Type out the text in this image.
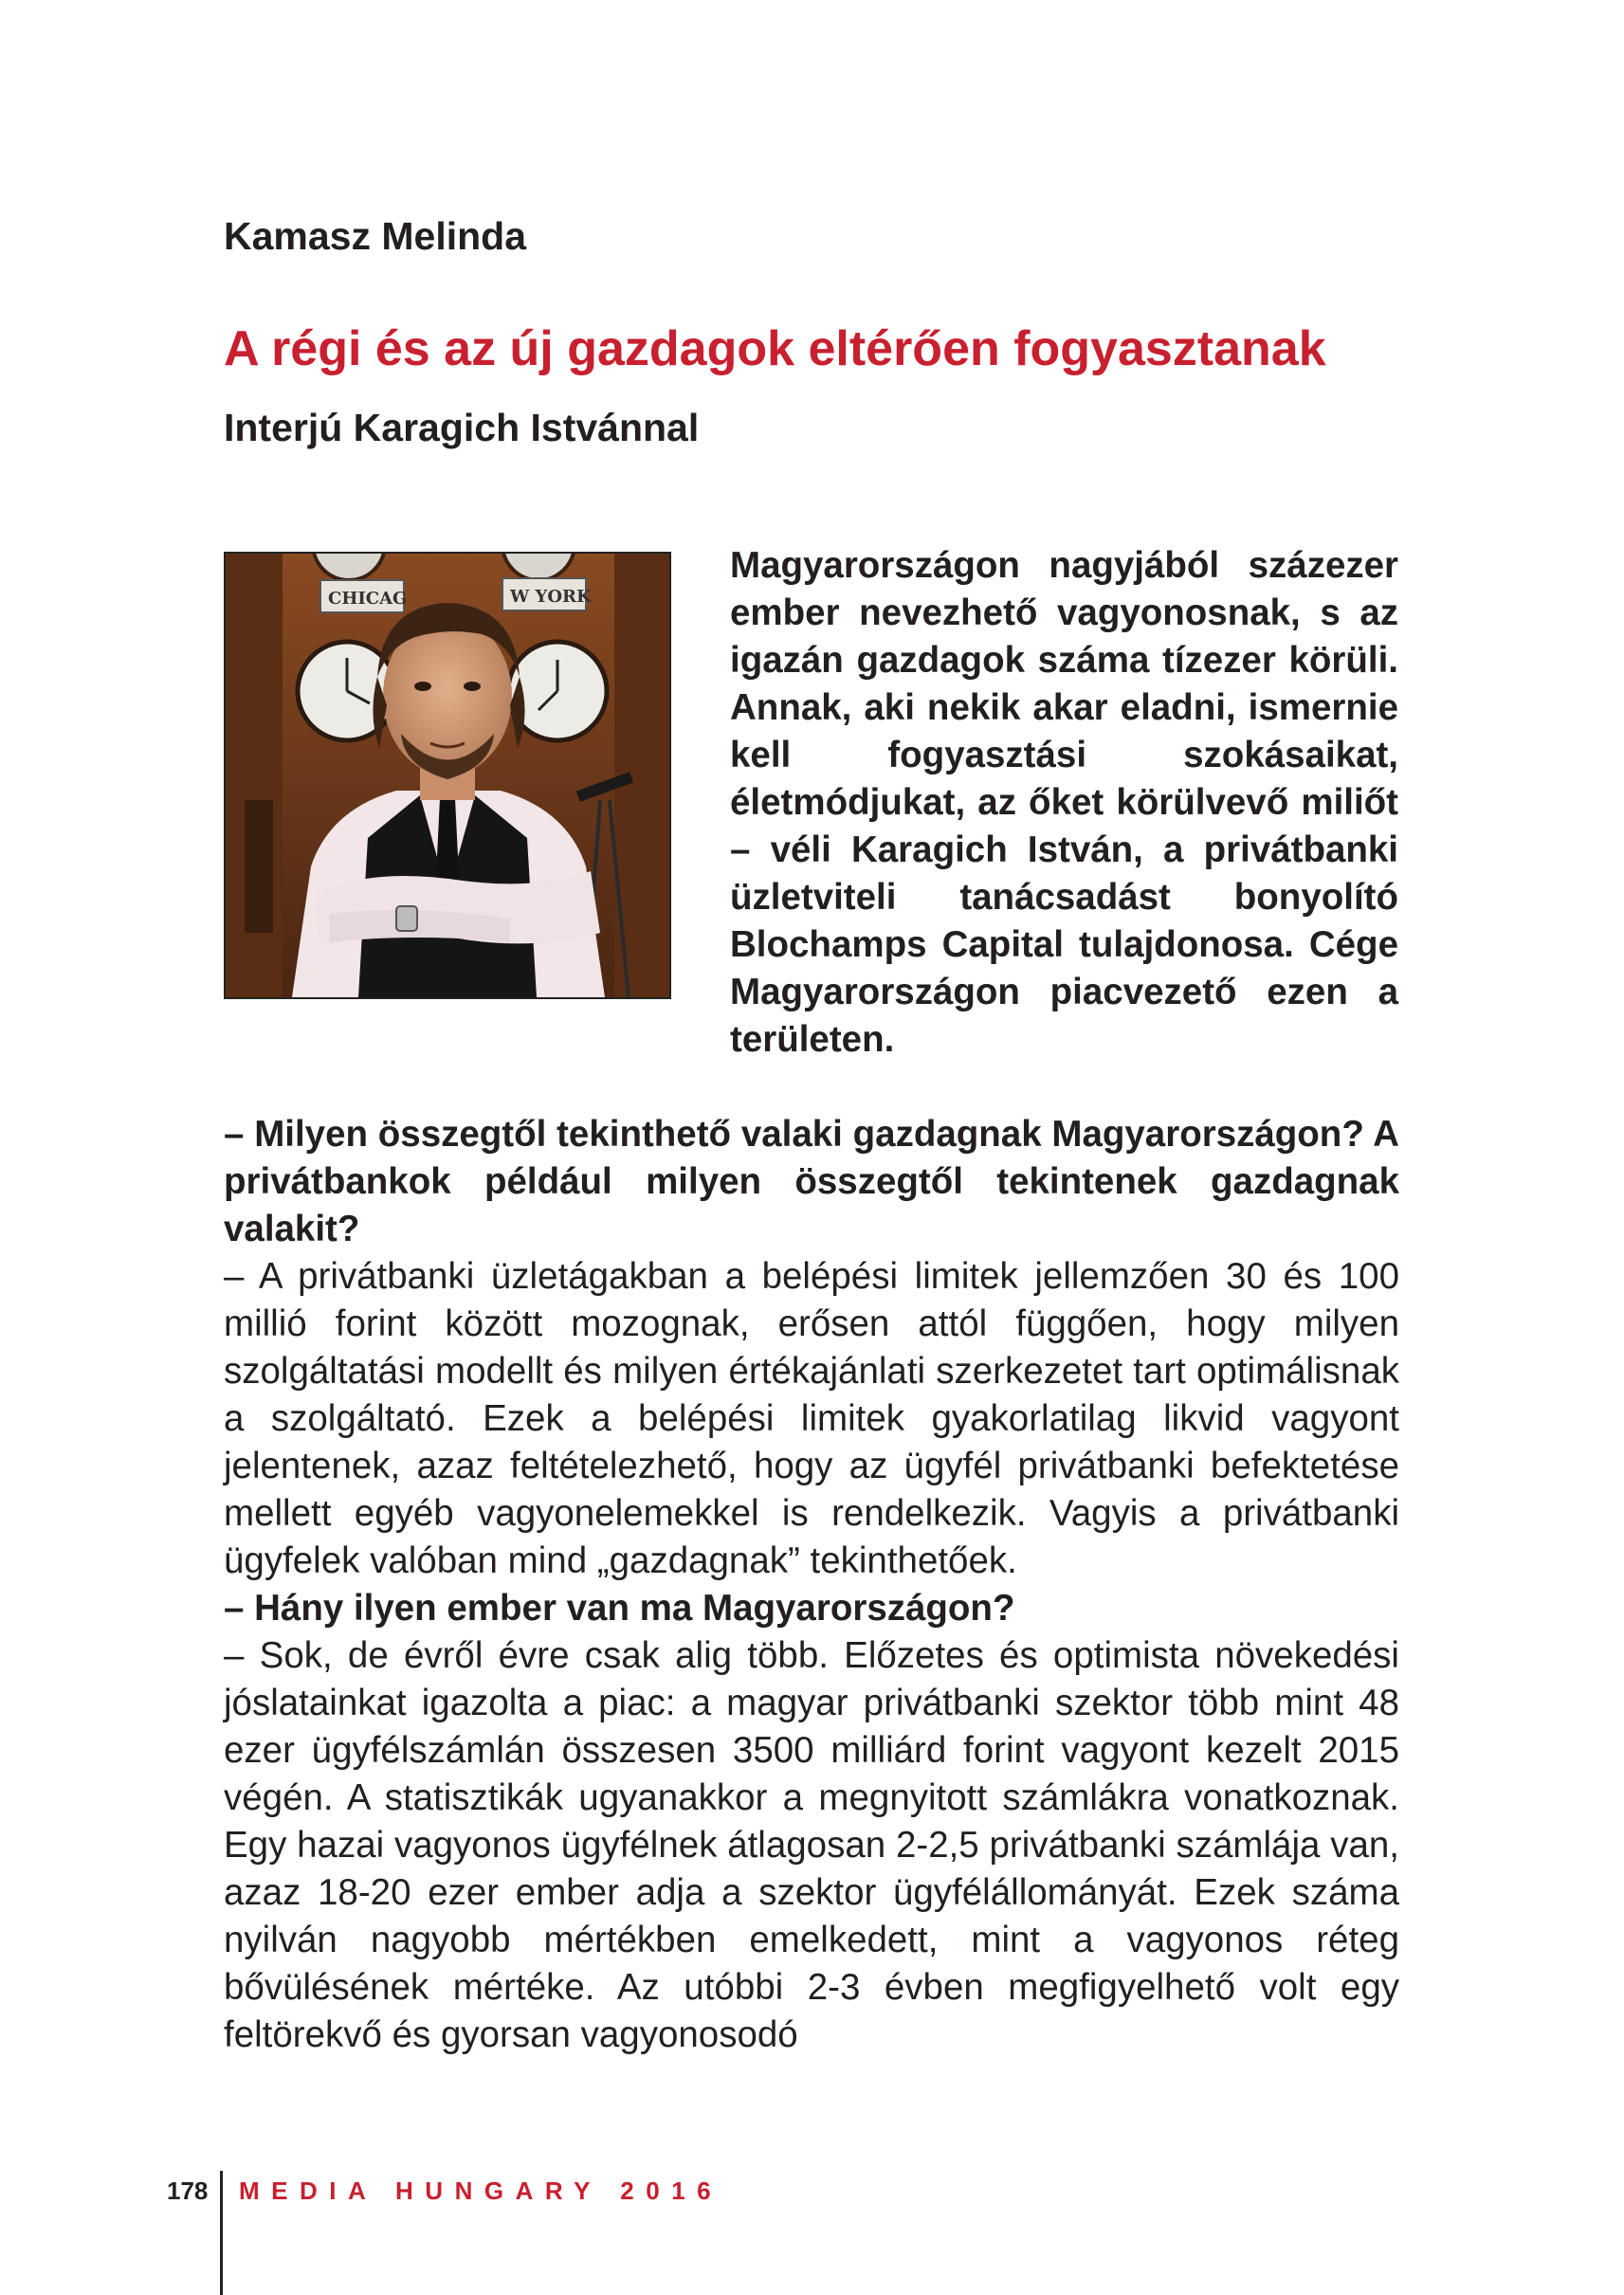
Kamasz Melinda
A régi és az új gazdagok eltérően fogyasztanak
Interjú Karagich Istvánnal
CHICAG	W YORK
Magyarországon nagyjából százezer ember nevezhető vagyonosnak, s az igazán gazdagok száma tízezer körüli. Annak, aki nekik akar eladni, ismernie kell fogyasztási szokásaikat, életmódjukat, az őket körülvevő miliőt – véli Karagich István, a privátbanki üzletviteli tanácsadást bonyolító Blochamps Capital tulajdonosa. Cége Magyarországon piacvezető ezen a területen.

– Milyen összegtől tekinthető valaki gazdagnak Magyarországon? A privátbankok például milyen összegtől tekintenek gazdagnak valakit?

– A privátbanki üzletágakban a belépési limitek jellemzően 30 és 100 millió forint között mozognak, erősen attól függően, hogy milyen szolgáltatási modellt és milyen értékajánlati szerkezetet tart optimálisnak a szolgáltató. Ezek a belépési limitek gyakorlatilag likvid vagyont jelentenek, azaz feltételezhető, hogy az ügyfél privátbanki befektetése mellett egyéb vagyonelemekkel is rendelkezik. Vagyis a privátbanki ügyfelek valóban mind „gazdagnak” tekinthetőek.

– Hány ilyen ember van ma Magyarországon?

– Sok, de évről évre csak alig több. Előzetes és optimista növekedési jóslatainkat igazolta a piac: a magyar privátbanki szektor több mint 48 ezer ügyfélszámlán összesen 3500 milliárd forint vagyont kezelt 2015 végén. A statisztikák ugyanakkor a megnyitott számlákra vonatkoznak. Egy hazai vagyonos ügyfélnek átlagosan 2-2,5 privátbanki számlája van, azaz 18-20 ezer ember adja a szektor ügyfélállományát. Ezek száma nyilván nagyobb mértékben emelkedett, mint a vagyonos réteg bővülésének mértéke. Az utóbbi 2-3 évben megfigyelhető volt egy feltörekvő és gyorsan vagyonosodó

178 MEDIA HUNGARY 2016
